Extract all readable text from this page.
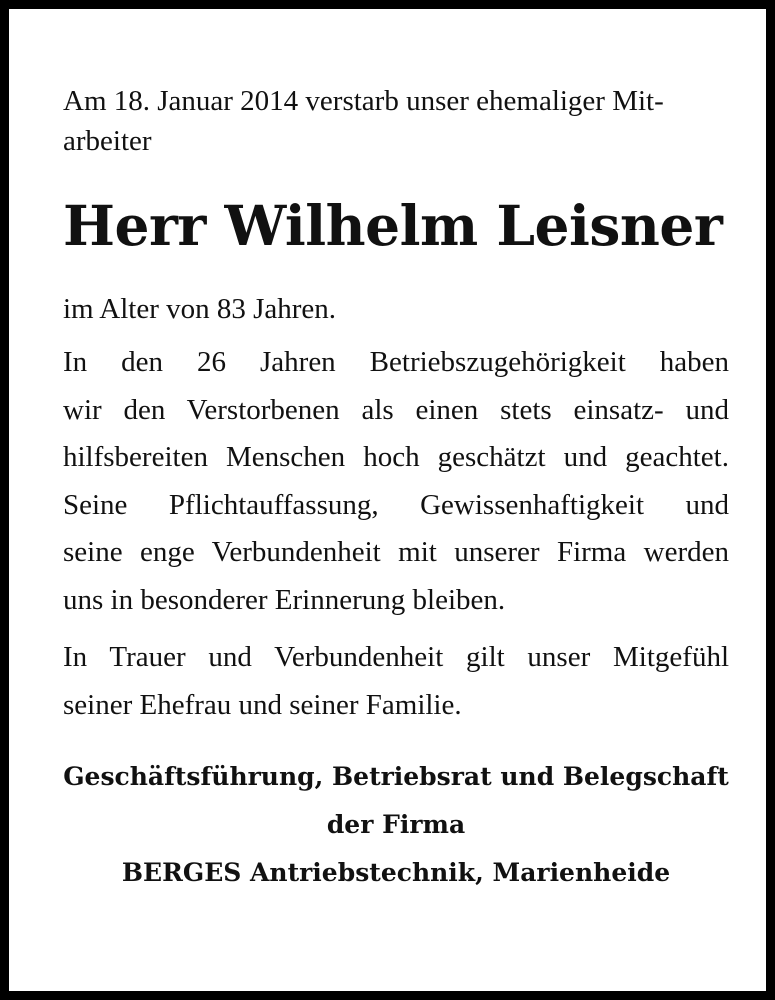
Am 18. Januar 2014 verstarb unser ehemaliger Mit-
arbeiter

Herr Wilhelm Leisner

im Alter von 83 Jahren.

In den 26 Jahren Betriebszugehörigkeit haben
wir den Verstorbenen als einen stets einsatz- und
hilfsbereiten Menschen hoch geschätzt und geachtet.
Seine Pflichtauffassung, Gewissenhaftigkeit und
seine enge Verbundenheit mit unserer Firma werden
uns in besonderer Erinnerung bleiben.

In Trauer und Verbundenheit gilt unser Mitgefühl
seiner Ehefrau und seiner Familie.

Geschäftsführung, Betriebsrat und Belegschaft
der Firma
BERGES Antriebstechnik, Marienheide
